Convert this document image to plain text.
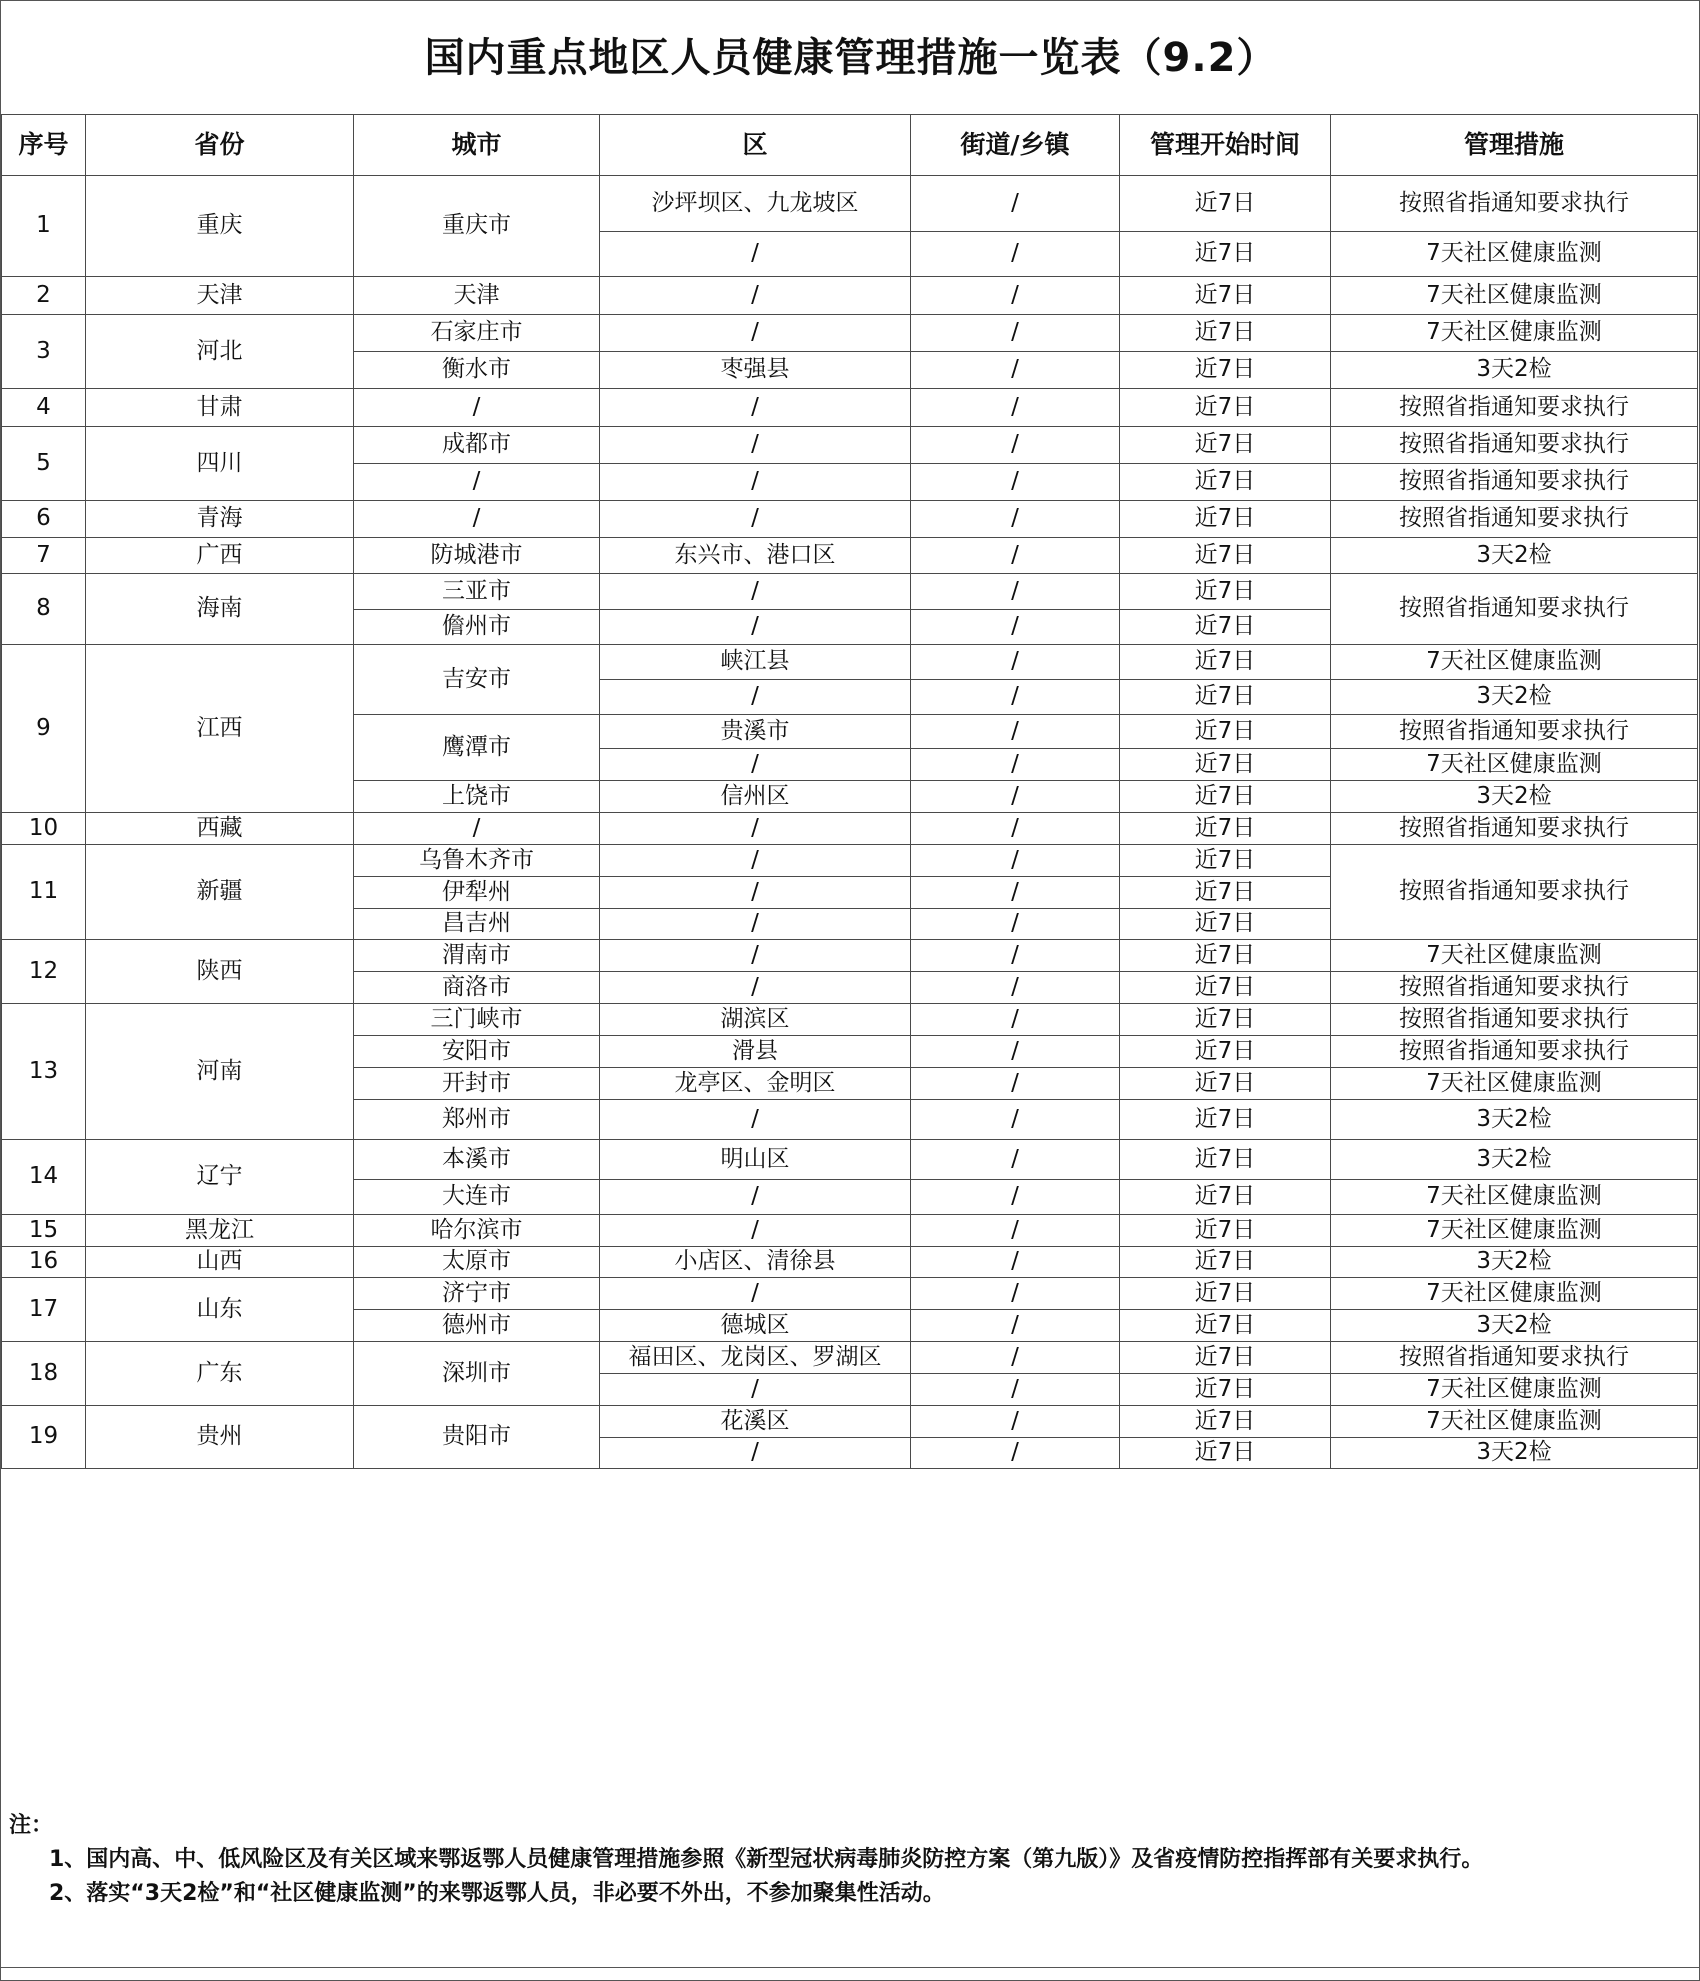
国内重点地区人员健康管理措施一览表（9.2）
序号	省份	城市	区	街道/乡镇	管理开始时间	管理措施
1	重庆	重庆市	沙坪坝区、九龙坡区	/	近7日	按照省指通知要求执行
			/	/	近7日	7天社区健康监测
2	天津	天津	/	/	近7日	7天社区健康监测
3	河北	石家庄市	/	/	近7日	7天社区健康监测
		衡水市	枣强县	/	近7日	3天2检
4	甘肃	/	/	/	近7日	按照省指通知要求执行
5	四川	成都市	/	/	近7日	按照省指通知要求执行
		/	/	/	近7日	按照省指通知要求执行
6	青海	/	/	/	近7日	按照省指通知要求执行
7	广西	防城港市	东兴市、港口区	/	近7日	3天2检
8	海南	三亚市	/	/	近7日	按照省指通知要求执行
		儋州市	/	/	近7日	
9	江西	吉安市	峡江县	/	近7日	7天社区健康监测
			/	/	近7日	3天2检
		鹰潭市	贵溪市	/	近7日	按照省指通知要求执行
			/	/	近7日	7天社区健康监测
		上饶市	信州区	/	近7日	3天2检
10	西藏	/	/	/	近7日	按照省指通知要求执行
11	新疆	乌鲁木齐市	/	/	近7日	按照省指通知要求执行
		伊犁州	/	/	近7日	
		昌吉州	/	/	近7日	
12	陕西	渭南市	/	/	近7日	7天社区健康监测
		商洛市	/	/	近7日	按照省指通知要求执行
13	河南	三门峡市	湖滨区	/	近7日	按照省指通知要求执行
		安阳市	滑县	/	近7日	按照省指通知要求执行
		开封市	龙亭区、金明区	/	近7日	7天社区健康监测
		郑州市	/	/	近7日	3天2检
14	辽宁	本溪市	明山区	/	近7日	3天2检
		大连市	/	/	近7日	7天社区健康监测
15	黑龙江	哈尔滨市	/	/	近7日	7天社区健康监测
16	山西	太原市	小店区、清徐县	/	近7日	3天2检
17	山东	济宁市	/	/	近7日	7天社区健康监测
		德州市	德城区	/	近7日	3天2检
18	广东	深圳市	福田区、龙岗区、罗湖区	/	近7日	按照省指通知要求执行
			/	/	近7日	7天社区健康监测
19	贵州	贵阳市	花溪区	/	近7日	7天社区健康监测
			/	/	近7日	3天2检
注：
1、国内高、中、低风险区及有关区域来鄂返鄂人员健康管理措施参照《新型冠状病毒肺炎防控方案（第九版）》及省疫情防控指挥部有关要求执行。
2、落实“3天2检”和“社区健康监测”的来鄂返鄂人员，非必要不外出，不参加聚集性活动。
